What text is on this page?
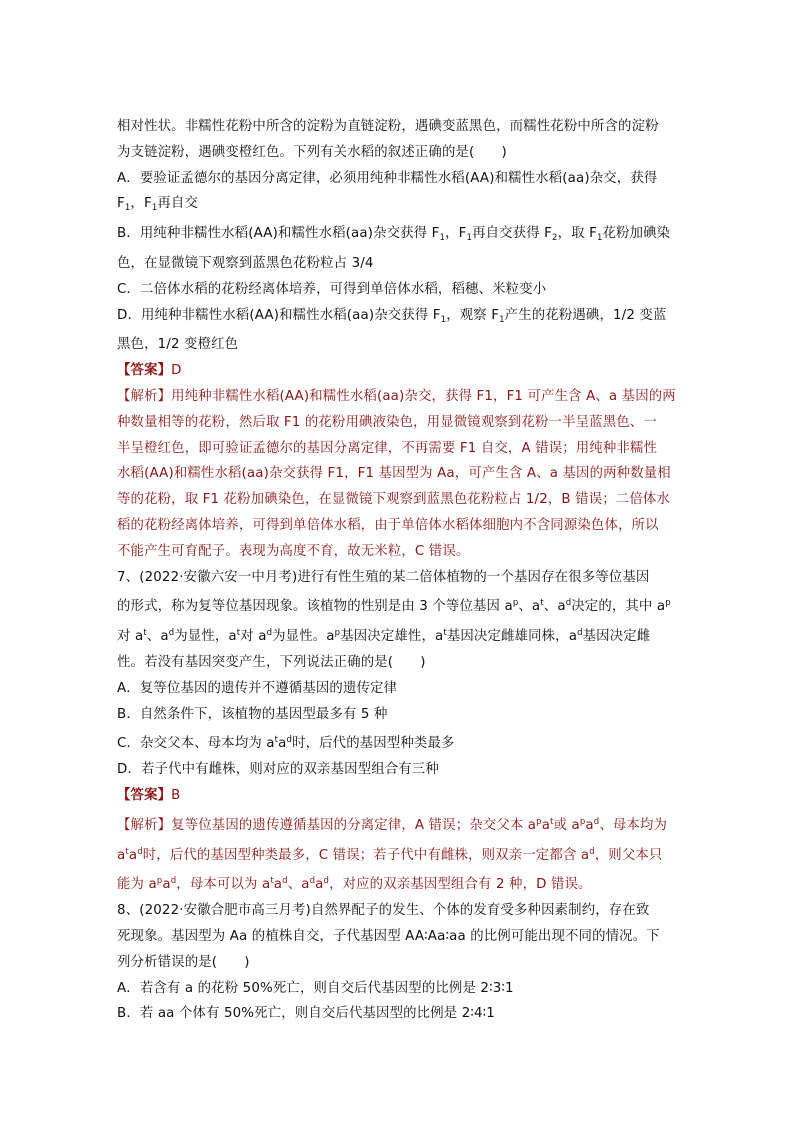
相对性状。非糯性花粉中所含的淀粉为直链淀粉，遇碘变蓝黑色，而糯性花粉中所含的淀粉
为支链淀粉，遇碘变橙红色。下列有关水稻的叙述正确的是(　　)
A．要验证孟德尔的基因分离定律，必须用纯种非糯性水稻(AA)和糯性水稻(aa)杂交，获得
$F_1$，$F_1$再自交
B．用纯种非糯性水稻(AA)和糯性水稻(aa)杂交获得 $F_1$，$F_1$再自交获得 $F_2$，取 $F_1$花粉加碘染
色，在显微镜下观察到蓝黑色花粉粒占 3/4
C．二倍体水稻的花粉经离体培养，可得到单倍体水稻，稻穗、米粒变小
D．用纯种非糯性水稻(AA)和糯性水稻(aa)杂交获得 $F_1$，观察 $F_1$产生的花粉遇碘，1/2 变蓝
黑色，1/2 变橙红色
【答案】D
【解析】用纯种非糯性水稻(AA)和糯性水稻(aa)杂交，获得 F1，F1 可产生含 A、a 基因的两
种数量相等的花粉，然后取 F1 的花粉用碘液染色，用显微镜观察到花粉一半呈蓝黑色、一
半呈橙红色，即可验证孟德尔的基因分离定律，不再需要 F1 自交，A 错误；用纯种非糯性
水稻(AA)和糯性水稻(aa)杂交获得 F1，F1 基因型为 Aa，可产生含 A、a 基因的两种数量相
等的花粉，取 F1 花粉加碘染色，在显微镜下观察到蓝黑色花粉粒占 1/2，B 错误；二倍体水
稻的花粉经离体培养，可得到单倍体水稻，由于单倍体水稻体细胞内不含同源染色体，所以
不能产生可育配子。表现为高度不育，故无米粒，C 错误。
7、(2022·安徽六安一中月考)进行有性生殖的某二倍体植物的一个基因存在很多等位基因
的形式，称为复等位基因现象。该植物的性别是由 3 个等位基因 $a^p$、$a^t$、$a^d$决定的，其中 $a^p$
对 $a^t$、$a^d$为显性，$a^t$对 $a^d$为显性。$a^p$基因决定雄性，$a^t$基因决定雌雄同株，$a^d$基因决定雌
性。若没有基因突变产生，下列说法正确的是(　　)
A．复等位基因的遗传并不遵循基因的遗传定律
B．自然条件下，该植物的基因型最多有 5 种
C．杂交父本、母本均为 $a^ta^d$时，后代的基因型种类最多
D．若子代中有雌株，则对应的双亲基因型组合有三种
【答案】B
【解析】复等位基因的遗传遵循基因的分离定律，A 错误；杂交父本 $a^pa^t$或 $a^pa^d$、母本均为
$a^ta^d$时，后代的基因型种类最多，C 错误；若子代中有雌株，则双亲一定都含 $a^d$，则父本只
能为 $a^pa^d$，母本可以为 $a^ta^d$、$a^da^d$，对应的双亲基因型组合有 2 种，D 错误。
8、(2022·安徽合肥市高三月考)自然界配子的发生、个体的发育受多种因素制约，存在致
死现象。基因型为 Aa 的植株自交，子代基因型 AA∶Aa∶aa 的比例可能出现不同的情况。下
列分析错误的是(　　)
A．若含有 a 的花粉 50%死亡，则自交后代基因型的比例是 2∶3∶1
B．若 aa 个体有 50%死亡，则自交后代基因型的比例是 2∶4∶1
